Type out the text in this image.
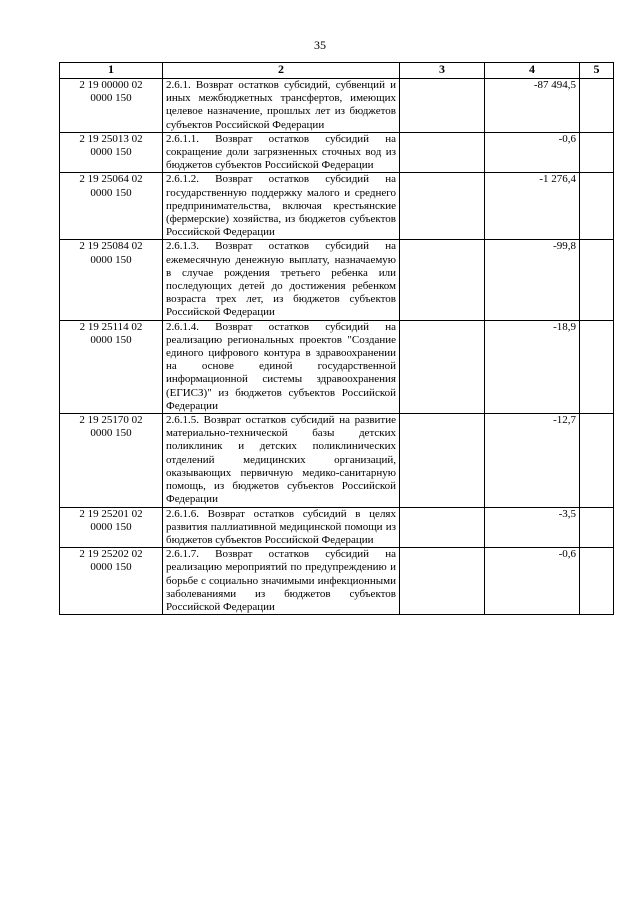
35
1	2	3	4	5
2 19 00000 02
0000 150	2.6.1. Возврат остатков субсидий, субвенций и иных межбюджетных трансфертов, имеющих целевое назначение, прошлых лет из бюджетов субъектов Российской Федерации		-87 494,5	
2 19 25013 02
0000 150	2.6.1.1. Возврат остатков субсидий на сокращение доли загрязненных сточных вод из бюджетов субъектов Российской Федерации		-0,6	
2 19 25064 02
0000 150	2.6.1.2. Возврат остатков субсидий на государственную поддержку малого и среднего предпринимательства, включая крестьянские (фермерские) хозяйства, из бюджетов субъектов Российской Федерации		-1 276,4	
2 19 25084 02
0000 150	2.6.1.3. Возврат остатков субсидий на ежемесячную денежную выплату, назначаемую в случае рождения третьего ребенка или последующих детей до достижения ребенком возраста трех лет, из бюджетов субъектов Российской Федерации		-99,8	
2 19 25114 02
0000 150	2.6.1.4. Возврат остатков субсидий на реализацию региональных проектов "Создание единого цифрового контура в здравоохранении на основе единой государственной информационной системы здравоохранения (ЕГИСЗ)" из бюджетов субъектов Российской Федерации		-18,9	
2 19 25170 02
0000 150	2.6.1.5. Возврат остатков субсидий на развитие материально-технической базы детских поликлиник и детских поликлинических отделений медицинских организаций, оказывающих первичную медико-санитарную помощь, из бюджетов субъектов Российской Федерации		-12,7	
2 19 25201 02
0000 150	2.6.1.6. Возврат остатков субсидий в целях развития паллиативной медицинской помощи из бюджетов субъектов Российской Федерации		-3,5	
2 19 25202 02
0000 150	2.6.1.7. Возврат остатков субсидий на реализацию мероприятий по предупреждению и борьбе с социально значимыми инфекционными заболеваниями из бюджетов субъектов Российской Федерации		-0,6	
